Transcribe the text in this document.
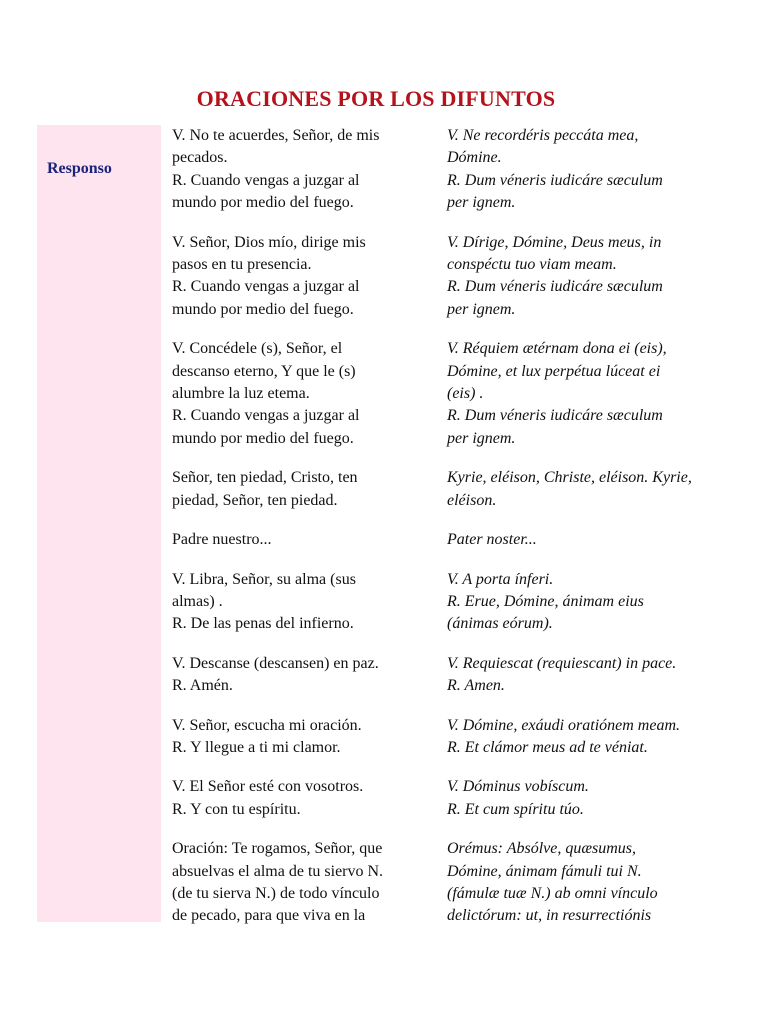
ORACIONES POR LOS DIFUNTOS
Responso
V. No te acuerdes, Señor, de mis
pecados.
R. Cuando vengas a juzgar al
mundo por medio del fuego.
V. Ne recordéris peccáta mea,
Dómine.
R. Dum véneris iudicáre sæculum
per ignem.
V. Señor, Dios mío, dirige mis
pasos en tu presencia.
R. Cuando vengas a juzgar al
mundo por medio del fuego.
V. Dírige, Dómine, Deus meus, in
conspéctu tuo viam meam.
R. Dum véneris iudicáre sæculum
per ignem.
V. Concédele (s), Señor, el
descanso eterno, Y que le (s)
alumbre la luz etema.
R. Cuando vengas a juzgar al
mundo por medio del fuego.
V. Réquiem ætérnam dona ei (eis),
Dómine, et lux perpétua lúceat ei
(eis) .
R. Dum véneris iudicáre sæculum
per ignem.
Señor, ten piedad, Cristo, ten
piedad, Señor, ten piedad.
Kyrie, eléison, Christe, eléison. Kyrie,
eléison.
Padre nuestro...	Pater noster...
V. Libra, Señor, su alma (sus
almas) .
R. De las penas del infierno.
V. A porta ínferi.
R. Erue, Dómine, ánimam eius
(ánimas eórum).
V. Descanse (descansen) en paz.
R. Amén.
V. Requiescat (requiescant) in pace.
R. Amen.
V. Señor, escucha mi oración.
R. Y llegue a ti mi clamor.
V. Dómine, exáudi oratiónem meam.
R. Et clámor meus ad te véniat.
V. El Señor esté con vosotros.
R. Y con tu espíritu.
V. Dóminus vobíscum.
R. Et cum spíritu túo.
Oración: Te rogamos, Señor, que
absuelvas el alma de tu siervo N.
(de tu sierva N.) de todo vínculo
de pecado, para que viva en la
Orémus: Absólve, quæsumus,
Dómine, ánimam fámuli tui N.
(fámulæ tuæ N.) ab omni vínculo
delictórum: ut, in resurrectiónis
